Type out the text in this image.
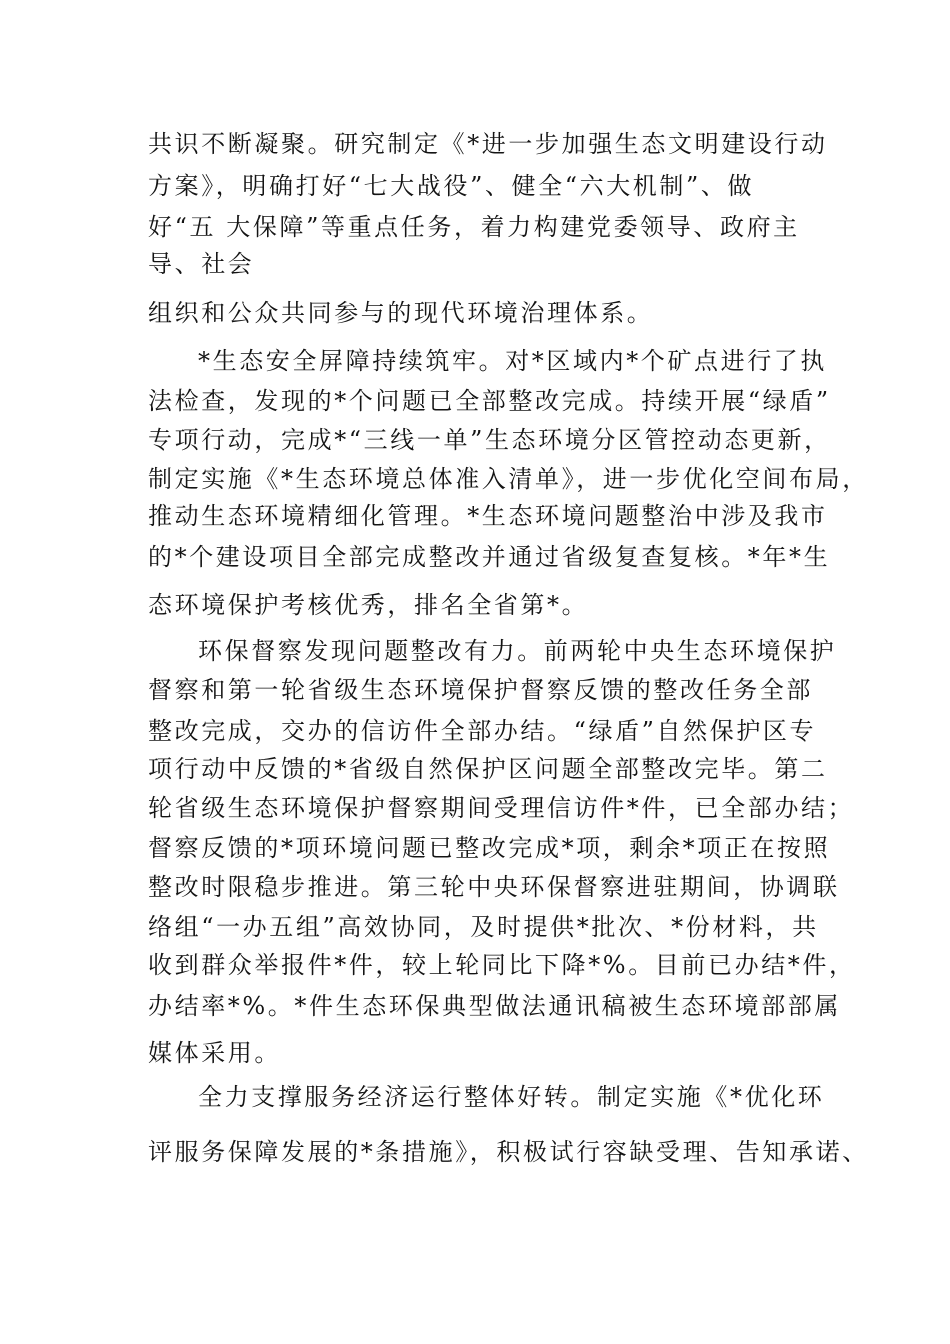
共识不断凝聚。研究制定《*进一步加强生态文明建设行动
方案》，明确打好“七大战役”、健全“六大机制”、做
好“五 大保障”等重点任务，着力构建党委领导、政府主
导、社会
组织和公众共同参与的现代环境治理体系。
*生态安全屏障持续筑牢。对*区域内*个矿点进行了执
法检查，发现的*个问题已全部整改完成。持续开展“绿盾”
专项行动，完成*“三线一单”生态环境分区管控动态更新，
制定实施《*生态环境总体准入清单》，进一步优化空间布局，
推动生态环境精细化管理。*生态环境问题整治中涉及我市
的*个建设项目全部完成整改并通过省级复查复核。*年*生
态环境保护考核优秀，排名全省第*。
环保督察发现问题整改有力。前两轮中央生态环境保护
督察和第一轮省级生态环境保护督察反馈的整改任务全部
整改完成，交办的信访件全部办结。“绿盾”自然保护区专
项行动中反馈的*省级自然保护区问题全部整改完毕。第二
轮省级生态环境保护督察期间受理信访件*件，已全部办结；
督察反馈的*项环境问题已整改完成*项，剩余*项正在按照
整改时限稳步推进。第三轮中央环保督察进驻期间，协调联
络组“一办五组”高效协同，及时提供*批次、*份材料，共
收到群众举报件*件，较上轮同比下降*%。目前已办结*件，
办结率*%。*件生态环保典型做法通讯稿被生态环境部部属
媒体采用。
全力支撑服务经济运行整体好转。制定实施《*优化环
评服务保障发展的*条措施》，积极试行容缺受理、告知承诺、
